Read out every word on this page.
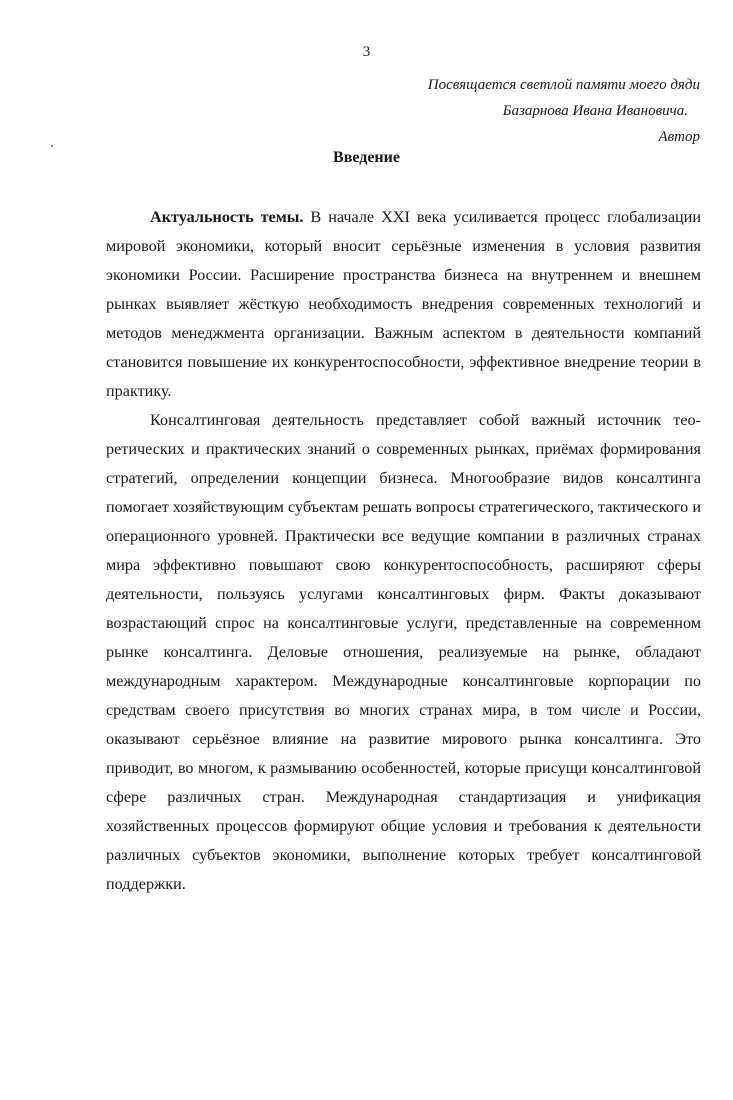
3
Посвящается светлой памяти моего дяди
Базарнова Ивана Ивановича.
Автор
Введение

Актуальность темы. В начале XXI века усиливается процесс глобализации мировой экономики, который вносит серьёзные изменения в условия развития экономики России. Расширение пространства бизнеса на внутреннем и внешнем рынках выявляет жёсткую необходимость внедрения современных технологий и методов менеджмента организации. Важным аспектом в деятельности компаний становится повышение их конкурентоспособности, эффективное внедрение теории в практику.

Консалтинговая деятельность представляет собой важный источник теоретических и практических знаний о современных рынках, приёмах формирования стратегий, определении концепции бизнеса. Многообразие видов консалтинга помогает хозяйствующим субъектам решать вопросы стратегического, тактического и операционного уровней. Практически все ведущие компании в различных странах мира эффективно повышают свою конкурентоспособность, расширяют сферы деятельности, пользуясь услугами консалтинговых фирм. Факты доказывают возрастающий спрос на консалтинговые услуги, представленные на современном рынке консалтинга. Деловые отношения, реализуемые на рынке, обладают международным характером. Международные консалтинговые корпорации по средствам своего присутствия во многих странах мира, в том числе и России, оказывают серьёзное влияние на развитие мирового рынка консалтинга. Это приводит, во многом, к размыванию особенностей, которые присущи консалтинговой сфере различных стран. Международная стандартизация и унификация хозяйственных процессов формируют общие условия и требования к деятельности различных субъектов экономики, выполнение которых требует консалтинговой поддержки.
